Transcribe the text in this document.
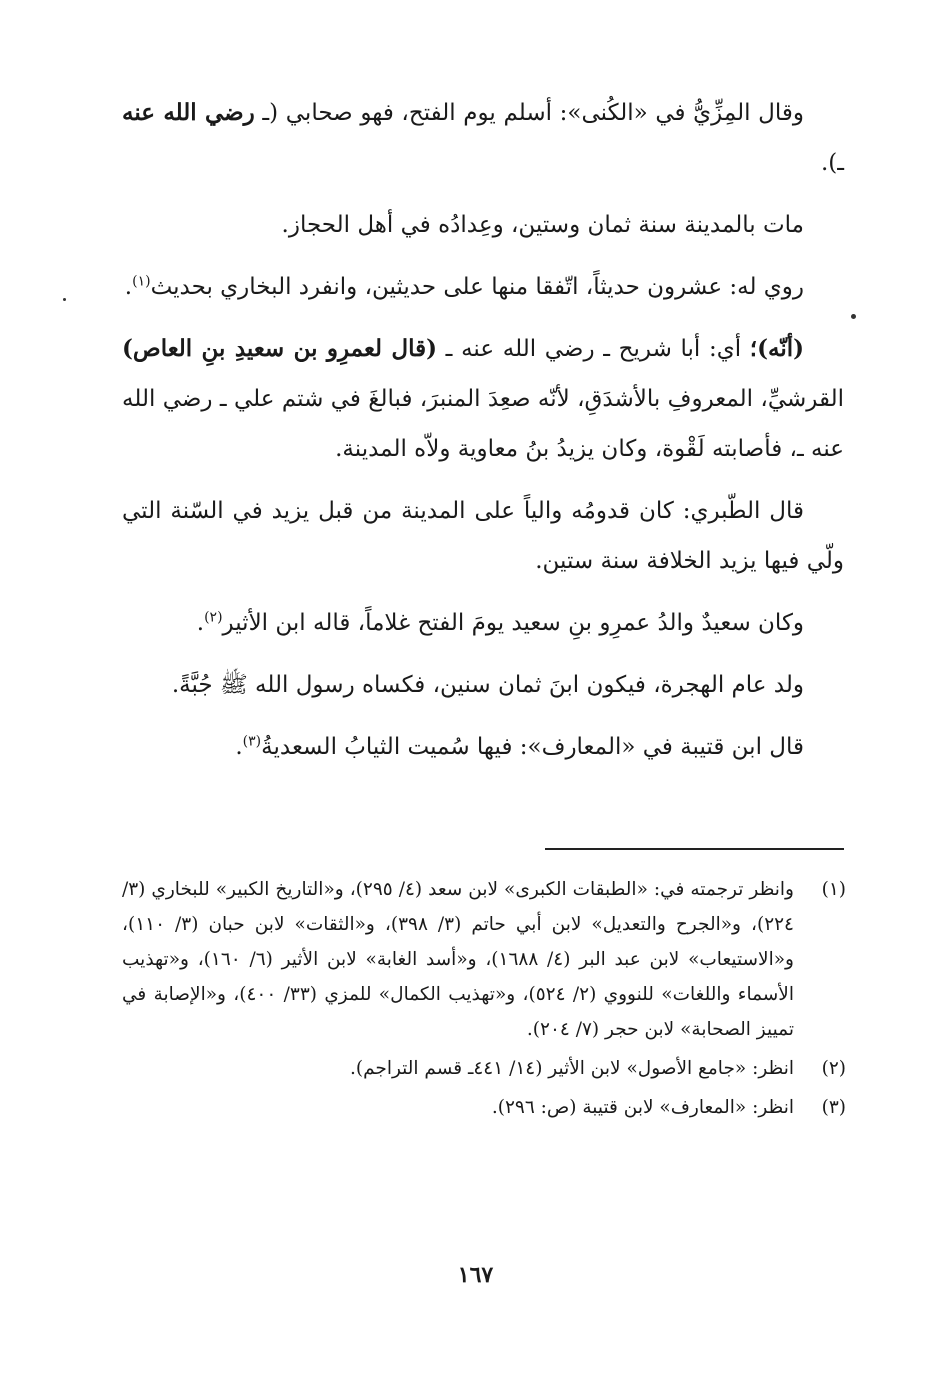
وقال المِزِّيُّ في «الكُنى»: أسلم يوم الفتح، فهو صحابي (ـ رضي الله عنه ـ).

مات بالمدينة سنة ثمان وستين، وعِدادُه في أهل الحجاز.

روي له: عشرون حديثاً، اتّفقا منها على حديثين، وانفرد البخاري بحديث$^{(١)}$.

(أنّه)؛ أي: أبا شريح ـ رضي الله عنه ـ (قال لعمرِو بن سعيدِ بنِ العاص) القرشيِّ، المعروفِ بالأشدَقِ، لأنّه صعِدَ المنبرَ، فبالغَ في شتم علي ـ رضي الله عنه ـ، فأصابته لَقْوة، وكان يزيدُ بنُ معاوية ولاّه المدينة.

قال الطّبري: كان قدومُه والياً على المدينة من قبل يزيد في السّنة التي ولّي فيها يزيد الخلافة سنة ستين.

وكان سعيدٌ والدُ عمرِو بنِ سعيد يومَ الفتح غلاماً، قاله ابن الأثير$^{(٢)}$.

ولد عام الهجرة، فيكون ابنَ ثمان سنين، فكساه رسول الله ﷺ جُبَّةً.

قال ابن قتيبة في «المعارف»: فيها سُميت الثيابُ السعديةُ$^{(٣)}$.

(١)
وانظر ترجمته في: «الطبقات الكبرى» لابن سعد (٤/ ٢٩٥)، و«التاريخ الكبير» للبخاري (٣/ ٢٢٤)، و«الجرح والتعديل» لابن أبي حاتم (٣/ ٣٩٨)، و«الثقات» لابن حبان (٣/ ١١٠)، و«الاستيعاب» لابن عبد البر (٤/ ١٦٨٨)، و«أسد الغابة» لابن الأثير (٦/ ١٦٠)، و«تهذيب الأسماء واللغات» للنووي (٢/ ٥٢٤)، و«تهذيب الكمال» للمزي (٣٣/ ٤٠٠)، و«الإصابة في تمييز الصحابة» لابن حجر (٧/ ٢٠٤).
(٢)
انظر: «جامع الأصول» لابن الأثير (١٤/ ٤٤١ـ قسم التراجم).
(٣)
انظر: «المعارف» لابن قتيبة (ص: ٢٩٦).
١٦٧
